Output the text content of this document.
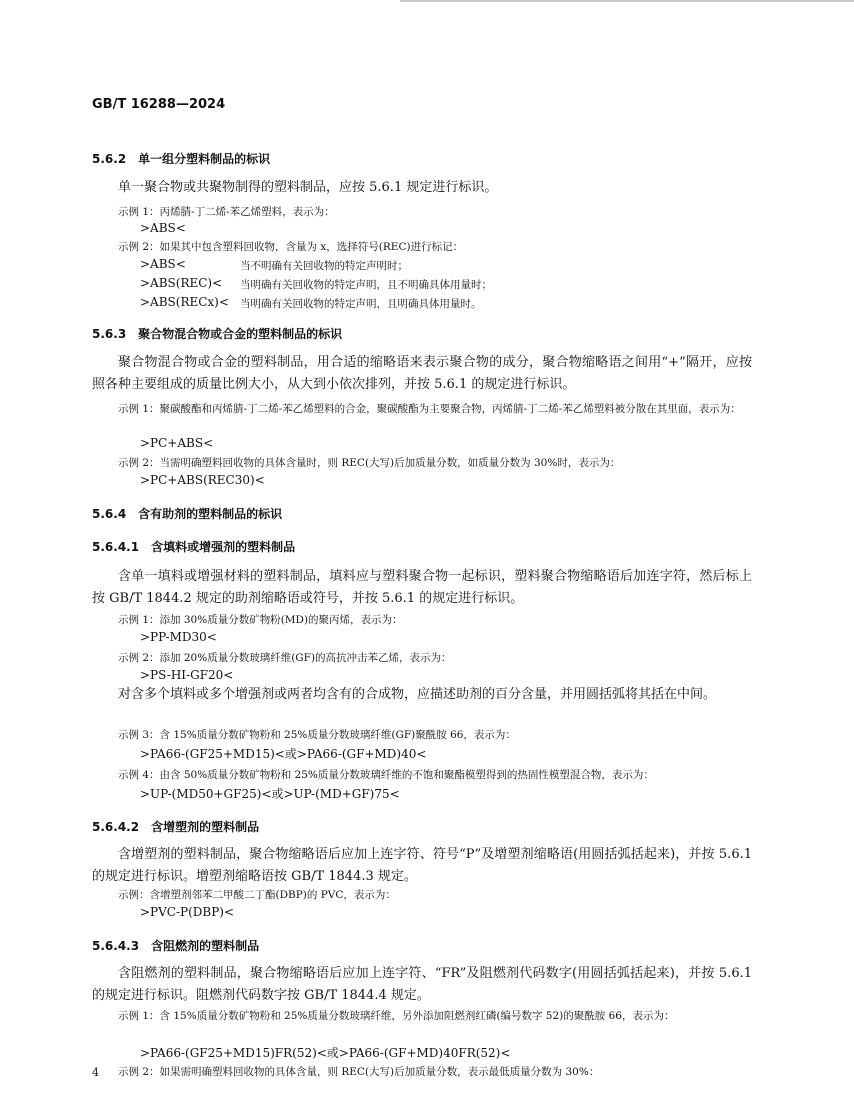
GB/T 16288—2024
5.6.2　单一组分塑料制品的标识
单一聚合物或共聚物制得的塑料制品，应按 5.6.1 规定进行标识。
示例 1：丙烯腈-丁二烯-苯乙烯塑料，表示为：
>ABS<
示例 2：如果其中包含塑料回收物，含量为 x，选择符号(REC)进行标记：
>ABS<	当不明确有关回收物的特定声明时；
>ABS(REC)< 当明确有关回收物的特定声明，且不明确具体用量时；
>ABS(RECx)< 当明确有关回收物的特定声明，且明确具体用量时。
5.6.3　聚合物混合物或合金的塑料制品的标识
聚合物混合物或合金的塑料制品，用合适的缩略语来表示聚合物的成分，聚合物缩略语之间用“+”隔开，应按照各种主要组成的质量比例大小，从大到小依次排列，并按 5.6.1 的规定进行标识。
示例 1：聚碳酸酯和丙烯腈-丁二烯-苯乙烯塑料的合金，聚碳酸酯为主要聚合物，丙烯腈-丁二烯-苯乙烯塑料被分散在其里面，表示为：
>PC+ABS<
示例 2：当需明确塑料回收物的具体含量时，则 REC(大写)后加质量分数，如质量分数为 30%时，表示为：
>PC+ABS(REC30)<
5.6.4　含有助剂的塑料制品的标识
5.6.4.1　含填料或增强剂的塑料制品
含单一填料或增强材料的塑料制品，填料应与塑料聚合物一起标识，塑料聚合物缩略语后加连字符，然后标上按 GB/T 1844.2 规定的助剂缩略语或符号，并按 5.6.1 的规定进行标识。
示例 1：添加 30%质量分数矿物粉(MD)的聚丙烯，表示为：
>PP-MD30<
示例 2：添加 20%质量分数玻璃纤维(GF)的高抗冲击苯乙烯，表示为：
>PS-HI-GF20<
对含多个填料或多个增强剂或两者均含有的合成物，应描述助剂的百分含量，并用圆括弧将其括在中间。
示例 3：含 15%质量分数矿物粉和 25%质量分数玻璃纤维(GF)聚酰胺 66，表示为：
>PA66-(GF25+MD15)<或>PA66-(GF+MD)40<
示例 4：由含 50%质量分数矿物粉和 25%质量分数玻璃纤维的不饱和聚酯模塑得到的热固性模塑混合物，表示为：
>UP-(MD50+GF25)<或>UP-(MD+GF)75<
5.6.4.2　含增塑剂的塑料制品
含增塑剂的塑料制品，聚合物缩略语后应加上连字符、符号“P”及增塑剂缩略语(用圆括弧括起来)，并按 5.6.1 的规定进行标识。增塑剂缩略语按 GB/T 1844.3 规定。
示例：含增塑剂邻苯二甲酸二丁酯(DBP)的 PVC，表示为：
>PVC-P(DBP)<
5.6.4.3　含阻燃剂的塑料制品
含阻燃剂的塑料制品，聚合物缩略语后应加上连字符、“FR”及阻燃剂代码数字(用圆括弧括起来)，并按 5.6.1 的规定进行标识。阻燃剂代码数字按 GB/T 1844.4 规定。
示例 1：含 15%质量分数矿物粉和 25%质量分数玻璃纤维，另外添加阻燃剂红磷(编号数字 52)的聚酰胺 66，表示为：
>PA66-(GF25+MD15)FR(52)<或>PA66-(GF+MD)40FR(52)<
示例 2：如果需明确塑料回收物的具体含量，则 REC(大写)后加质量分数，表示最低质量分数为 30%：
4
